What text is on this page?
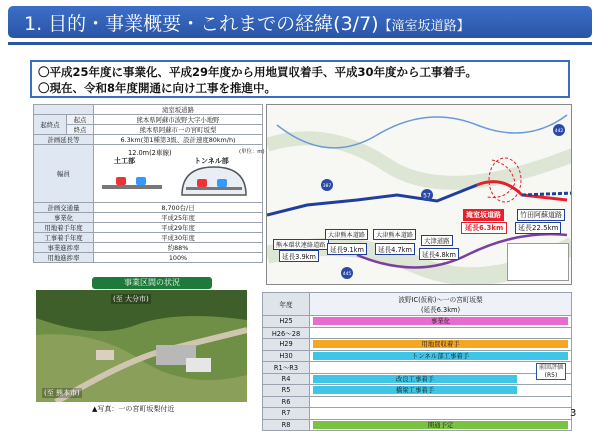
1. 目的・事業概要・これまでの経緯(3/7)【滝室坂道路】
〇平成25年度に事業化、平成29年度から用地買収着手、平成30年度から工事着手。
〇現在、令和8年度開通に向け工事を推進中。
		滝室坂道路
起終点	起点	熊本県阿蘇市波野大字小地野
	終点	熊本県阿蘇市一の宮町坂梨
計画延長等		6.3km(第1種第3級、設計速度80km/h)
幅員		12.0m(2車線) (単位：m)
土工部 トンネル部

計画交通量		8,700台/日
事業化		平成25年度
用地着手年度		平成29年度
工事着手年度		平成30年度
事業進捗率		約88%
用地進捗率		100%
57
387
442
445
滝室坂道路
延長6.3km
竹田阿蘇道路
延長22.5km
熊本環状連絡道路
延長3.9km
大津熊本道路
延長9.1km
大津熊本道路
延長4.7km
大津道路
延長4.8km
事業区間の状況
(至 大分市)
(至 熊本市)
▲写真：一の宮町坂梨付近
年度	波野IC(仮称)～一の宮町坂梨
(延長6.3km)

H25	事業化

H26～28	
H29	用地買収着手

H30	トンネル部工事着手

R1～R3	
R4	改良工事着手

R5	橋梁工事着手

R6	
R7	
R8	開通予定
前回評価
(R5)
3
